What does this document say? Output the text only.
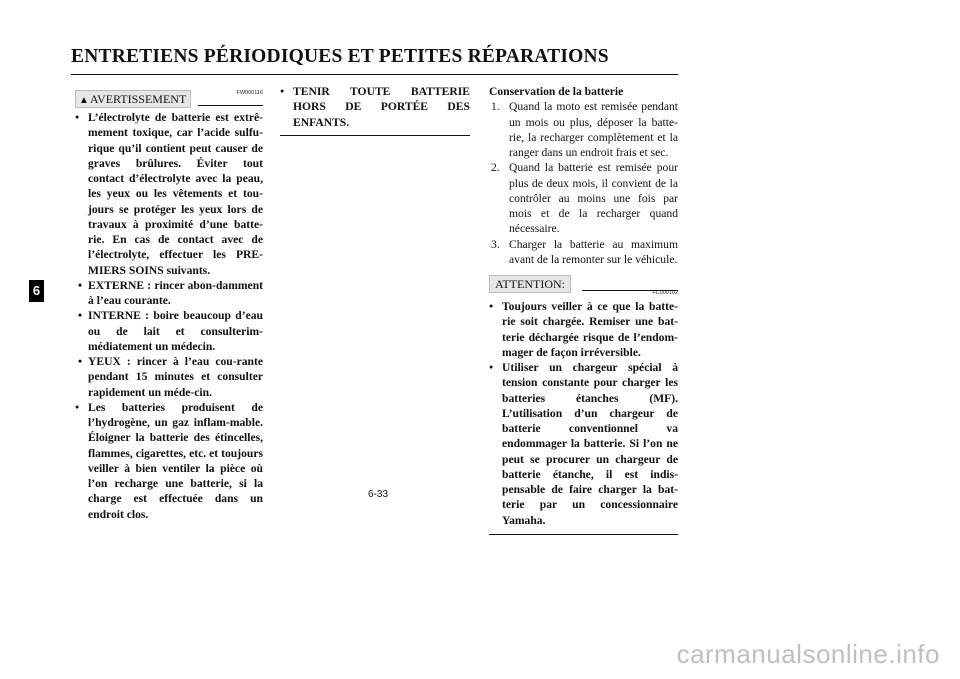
ENTRETIENS PÉRIODIQUES ET PETITES RÉPARATIONS
6
▲AVERTISSEMENT	FW000116
● L’électrolyte de batterie est extrê-mement toxique, car l’acide sulfu-rique qu’il contient peut causer de graves brûlures. Éviter tout contact d’électrolyte avec la peau, les yeux ou les vêtements et tou-jours se protéger les yeux lors de travaux à proximité d’une batte-rie. En cas de contact avec de l’électrolyte, effectuer les PRE-MIERS SOINS suivants.
• EXTERNE : rincer abon-damment à l’eau courante.
• INTERNE : boire beaucoup d’eau ou de lait et consulterim-médiatement un médecin.
• YEUX : rincer à l’eau cou-rante pendant 15 minutes et consulter rapidement un méde-cin.
● Les batteries produisent de l’hydrogène, un gaz inflam-mable. Éloigner la batterie des étincelles, flammes, cigarettes, etc. et toujours veiller à bien ventiler la pièce où l’on recharge une batterie, si la charge est effectuée dans un endroit clos.
● TENIR TOUTE BATTERIE HORS DE PORTÉE DES ENFANTS.
Conservation de la batterie
1. Quand la moto est remisée pendant un mois ou plus, déposer la batte-rie, la recharger complètement et la ranger dans un endroit frais et sec.
2. Quand la batterie est remisée pour plus de deux mois, il convient de la contrôler au moins une fois par mois et de la recharger quand nécessaire.
3. Charger la batterie au maximum avant de la remonter sur le véhicule.
ATTENTION:
FC000102
● Toujours veiller à ce que la batte-rie soit chargée. Remiser une bat-terie déchargée risque de l’endom-mager de façon irréversible.
● Utiliser un chargeur spécial à tension constante pour charger les batteries étanches (MF). L’utilisation d’un chargeur de batterie conventionnel va endommager la batterie. Si l’on ne peut se procurer un chargeur de batterie étanche, il est indis-pensable de faire charger la bat-terie par un concessionnaire Yamaha.
6-33
carmanualsonline.info
